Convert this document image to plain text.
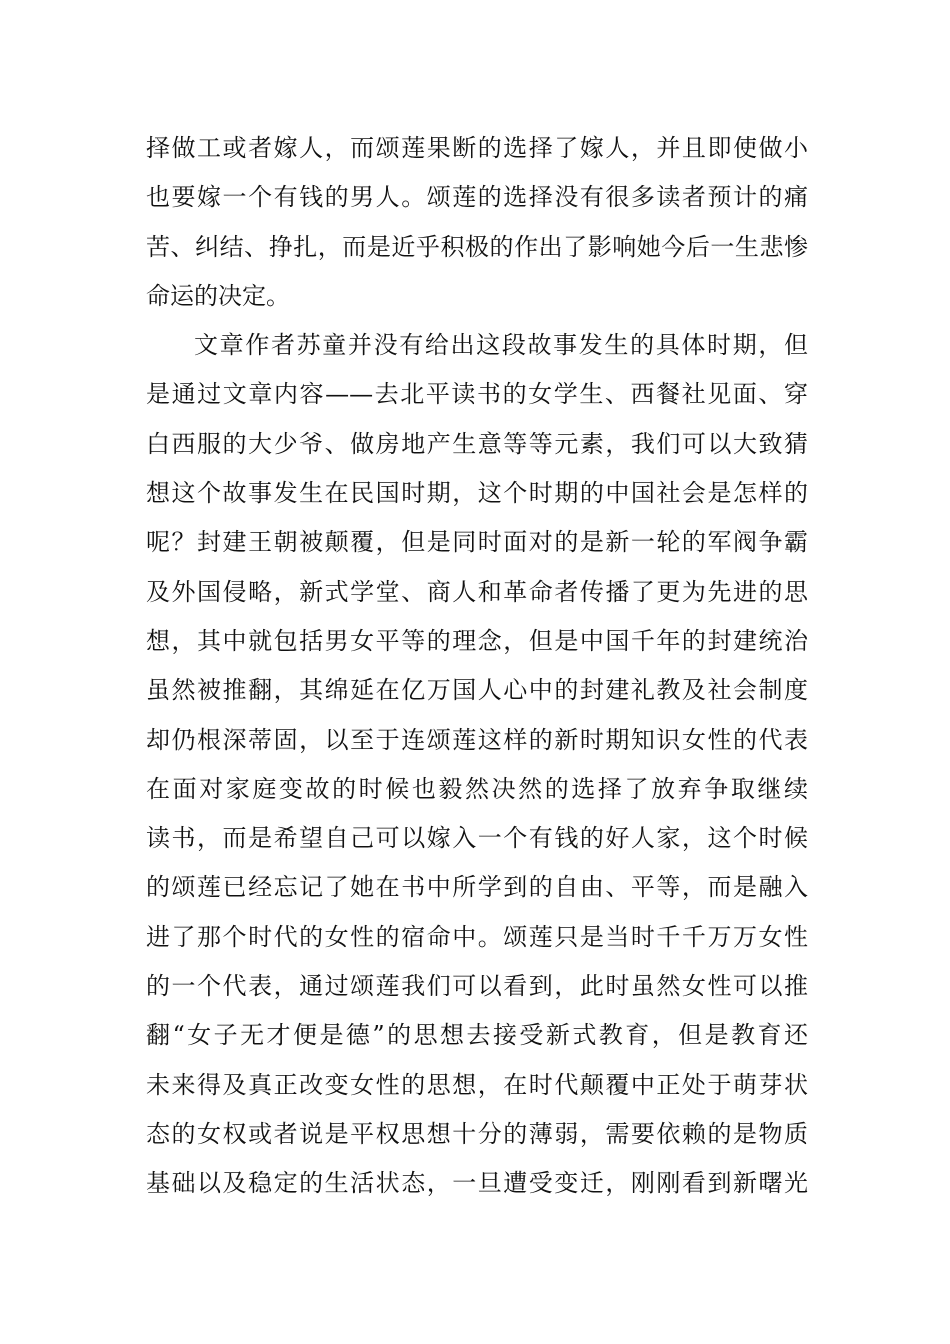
择做工或者嫁人，而颂莲果断的选择了嫁人，并且即使做小
也要嫁一个有钱的男人。颂莲的选择没有很多读者预计的痛
苦、纠结、挣扎，而是近乎积极的作出了影响她今后一生悲惨
命运的决定。
文章作者苏童并没有给出这段故事发生的具体时期，但
是通过文章内容——去北平读书的女学生、西餐社见面、穿
白西服的大少爷、做房地产生意等等元素，我们可以大致猜
想这个故事发生在民国时期，这个时期的中国社会是怎样的
呢？封建王朝被颠覆，但是同时面对的是新一轮的军阀争霸
及外国侵略，新式学堂、商人和革命者传播了更为先进的思
想，其中就包括男女平等的理念，但是中国千年的封建统治
虽然被推翻，其绵延在亿万国人心中的封建礼教及社会制度
却仍根深蒂固，以至于连颂莲这样的新时期知识女性的代表
在面对家庭变故的时候也毅然决然的选择了放弃争取继续
读书，而是希望自己可以嫁入一个有钱的好人家，这个时候
的颂莲已经忘记了她在书中所学到的自由、平等，而是融入
进了那个时代的女性的宿命中。颂莲只是当时千千万万女性
的一个代表，通过颂莲我们可以看到，此时虽然女性可以推
翻“女子无才便是德”的思想去接受新式教育，但是教育还
未来得及真正改变女性的思想，在时代颠覆中正处于萌芽状
态的女权或者说是平权思想十分的薄弱，需要依赖的是物质
基础以及稳定的生活状态，一旦遭受变迁，刚刚看到新曙光
